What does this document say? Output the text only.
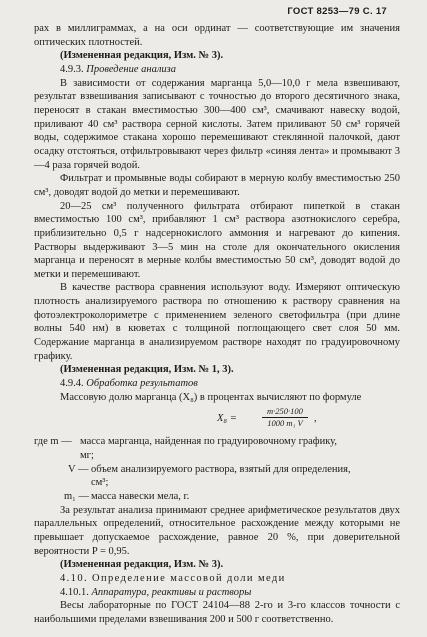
ГОСТ 8253—79 С. 17

рах в миллиграммах, а на оси ординат — соответствующие им значения оптических плотностей.

(Измененная редакция, Изм. № 3).

4.9.3. Проведение анализа

В зависимости от содержания марганца 5,0—10,0 г мела взвешивают, результат взвешивания записывают с точностью до второго десятичного знака, переносят в стакан вместимостью 300—400 см³, смачивают навеску водой, приливают 40 см³ раствора серной кислоты. Затем приливают 50 см³ горячей воды, содержимое стакана хорошо перемешивают стеклянной палочкой, дают осадку отстояться, отфильтровывают через фильтр «синяя лента» и промывают 3—4 раза горячей водой.

Фильтрат и промывные воды собирают в мерную колбу вместимостью 250 см³, доводят водой до метки и перемешивают.

20—25 см³ полученного фильтрата отбирают пипеткой в стакан вместимостью 100 см³, прибавляют 1 см³ раствора азотнокислого серебра, приблизительно 0,5 г надсернокислого аммония и нагревают до кипения. Растворы выдерживают 3—5 мин на столе для окончательного окисления марганца и переносят в мерные колбы вместимостью 50 см³, доводят водой до метки и перемешивают.

В качестве раствора сравнения используют воду. Измеряют оптическую плотность анализируемого раствора по отношению к раствору сравнения на фотоэлектроколориметре с применением зеленого светофильтра (при длине волны 540 нм) в кюветах с толщиной поглощающего свет слоя 50 мм. Содержание марганца в анализируемом растворе находят по градуировочному графику.

(Измененная редакция, Изм. № 1, 3).

4.9.4. Обработка результатов

Массовую долю марганца (X₈) в процентах вычисляют по формуле

X₈ =	$\frac{m\cdot 250\cdot 100}{\text{1000 m₁ V}}$ ,
где m — масса марганца, найденная по градуировочному графику,
мг;
V — объем анализируемого раствора, взятый для определения,
см³;
m₁ — масса навески мела, г.

За результат анализа принимают среднее арифметическое результатов двух параллельных определений, относительное расхождение между которыми не превышает допускаемое расхождение, равное 20 %, при доверительной вероятности P = 0,95.

(Измененная редакция, Изм. № 3).

4.10. Определение массовой доли меди

4.10.1. Аппаратура, реактивы и растворы

Весы лабораторные по ГОСТ 24104—88 2-го и 3-го классов точности с наибольшими пределами взвешивания 200 и 500 г соответственно.
